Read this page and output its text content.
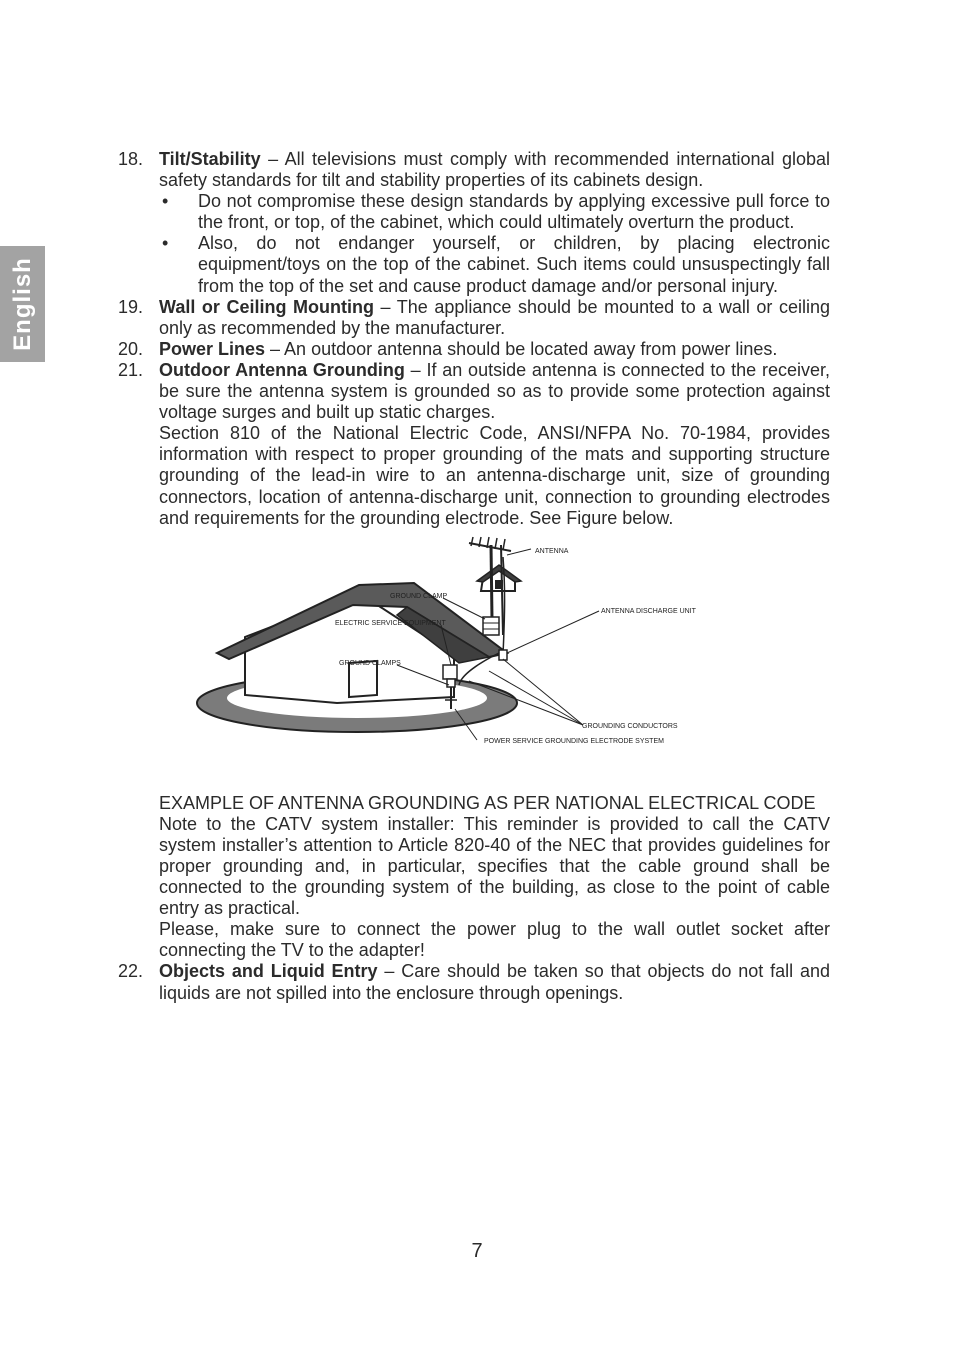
English
18. Tilt/Stability – All televisions must comply with recommended international global safety standards for tilt and stability properties of its cabinets design.

• Do not compromise these design standards by applying excessive pull force to the front, or top, of the cabinet, which could ultimately overturn the product.

• Also, do not endanger yourself, or children, by placing electronic equipment/toys on the top of the cabinet. Such items could unsuspectingly fall from the top of the set and cause product damage and/or personal injury.

19. Wall or Ceiling Mounting – The appliance should be mounted to a wall or ceiling only as recommended by the manufacturer.

20. Power Lines – An outdoor antenna should be located away from power lines.

21. Outdoor Antenna Grounding – If an outside antenna is connected to the receiver, be sure the antenna system is grounded so as to provide some protection against voltage surges and built up static charges.

Section 810 of the National Electric Code, ANSI/NFPA No. 70-1984, provides information with respect to proper grounding of the mats and supporting structure grounding of the lead-in wire to an antenna-discharge unit, size of grounding connectors, location of antenna-discharge unit, connection to grounding electrodes and requirements for the grounding electrode. See Figure below.

ANTENNA
GROUND CLAMP
ELECTRIC SERVICE EQUIPMENT
GROUND CLAMPS
ANTENNA DISCHARGE UNIT
GROUNDING CONDUCTORS
POWER SERVICE GROUNDING ELECTRODE SYSTEM

EXAMPLE OF ANTENNA GROUNDING AS PER NATIONAL ELECTRICAL CODE

Note to the CATV system installer: This reminder is provided to call the CATV system installer’s attention to Article 820-40 of the NEC that provides guidelines for proper grounding and, in particular, specifies that the cable ground shall be connected to the grounding system of the building, as close to the point of cable entry as practical.

Please, make sure to connect the power plug to the wall outlet socket after connecting the TV to the adapter!

22. Objects and Liquid Entry – Care should be taken so that objects do not fall and liquids are not spilled into the enclosure through openings.

7
